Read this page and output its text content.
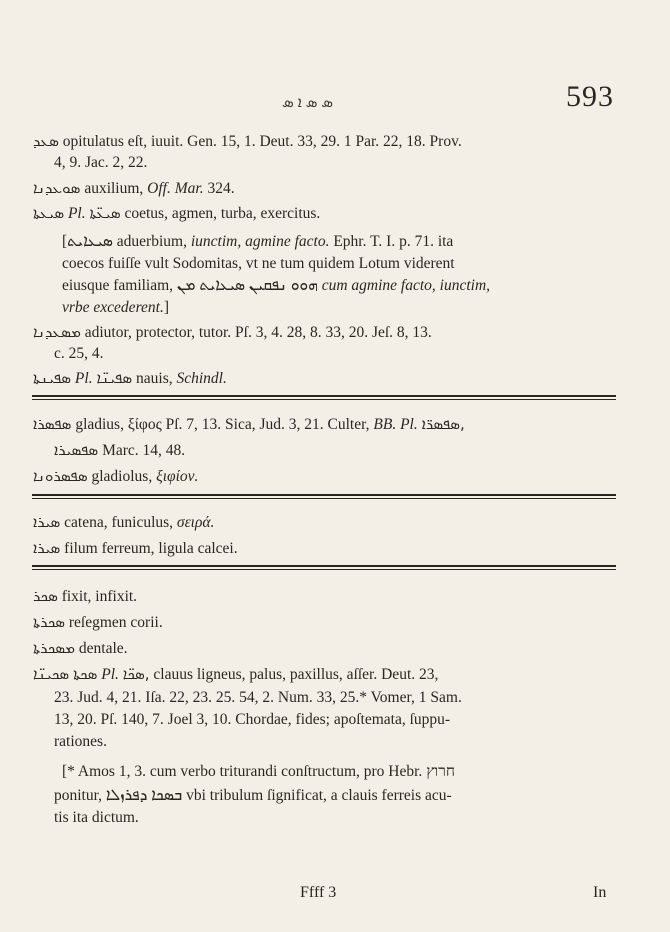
ܣ ܣ ܐ ܣ	593
ܣܥܕ opitulatus eſt, iuuit. Gen. 15, 1. Deut. 33, 29. 1 Par. 22, 18. Prov.
4, 9. Jac. 2, 22.
ܣܘܥܕܢܐ auxilium, Off. Mar. 324.
ܣܝܥܬܐ Pl. ܣܝܥ̈ܬܐ coetus, agmen, turba, exercitus.
[ܣܝܥܐܝܬ aduerbium, iunctim, agmine facto. Ephr. T. I. p. 71. ita
coecos fuiſſe vult Sodomitas, vt ne tum quidem Lotum viderent
eiusque familiam, ܗܘܘ ܢܦܩܝܢ ܣܝܥܐܝܬ ܡܢ cum agmine facto, iunctim,
vrbe excederent.]
ܡܣܥܕܢܐ adiutor, protector, tutor. Pſ. 3, 4. 28, 8. 33, 20. Jeſ. 8, 13.
c. 25, 4.
ܣܦܝܢܬܐ Pl. ܣܦܝܢ̈ܐ nauis, Schindl.
ܣܦܣܪܐ gladius, ξίφος Pſ. 7, 13. Sica, Jud. 3, 21. Culter, BB. Pl. ܣܦܣܪ̈ܐ,
ܣܦܣܝܪܐ Marc. 14, 48.
ܣܦܣܪܘܢܐ gladiolus, ξιφίον.
ܣܝܪܐ catena, funiculus, σειρά.
ܣܝܪܐ filum ferreum, ligula calcei.
ܣܟܪ fixit, infixit.
ܣܟܪܬܐ reſegmen corii.
ܡܣܟܪܬܐ dentale.
ܣܟܬܐ ܣܟܝܢ̈ܐ Pl. ܣܟ̈ܐ, clauus ligneus, palus, paxillus, aſſer. Deut. 23,
23. Jud. 4, 21. Iſa. 22, 23. 25. 54, 2. Num. 33, 25.* Vomer, 1 Sam.
13, 20. Pſ. 140, 7. Joel 3, 10. Chordae, fides; apoſtemata, ſuppu-
rationes.
[* Amos 1, 3. cum verbo triturandi conſtructum, pro Hebr. חרוץ
ponitur, ܒܣܟܐ ܕܦܪܙܠܐ vbi tribulum ſignificat, a clauis ferreis acu-
tis ita dictum.
Ffff 3	In
